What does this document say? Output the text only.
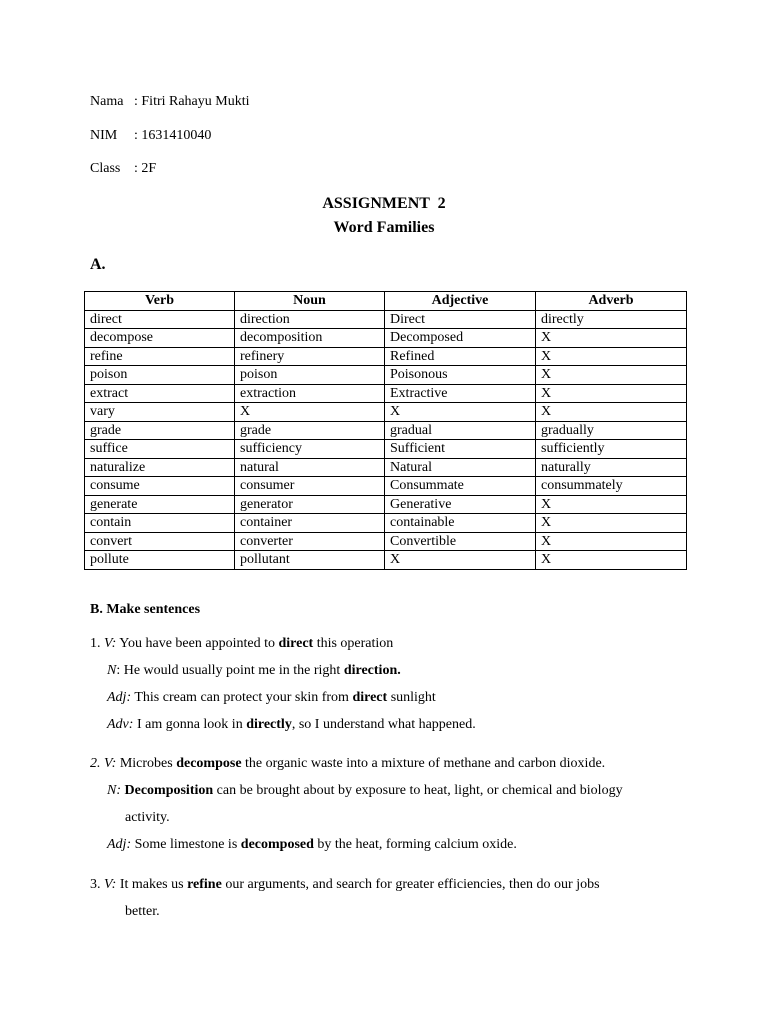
Nama : Fitri Rahayu Mukti
NIM : 1631410040
Class : 2F
ASSIGNMENT  2
Word Families
A.
Verb	Noun	Adjective	Adverb
direct	direction	Direct	directly
decompose	decomposition	Decomposed	X
refine	refinery	Refined	X
poison	poison	Poisonous	X
extract	extraction	Extractive	X
vary	X	X	X
grade	grade	gradual	gradually
suffice	sufficiency	Sufficient	sufficiently
naturalize	natural	Natural	naturally
consume	consumer	Consummate	consummately
generate	generator	Generative	X
contain	container	containable	X
convert	converter	Convertible	X
pollute	pollutant	X	X
B. Make sentences
1. V: You have been appointed to direct this operation
N: He would usually point me in the right direction.
Adj: This cream can protect your skin from direct sunlight
Adv: I am gonna look in directly, so I understand what happened.
2. V: Microbes decompose the organic waste into a mixture of methane and carbon dioxide.
N: Decomposition can be brought about by exposure to heat, light, or chemical and biology
activity.
Adj: Some limestone is decomposed by the heat, forming calcium oxide.
3. V: It makes us refine our arguments, and search for greater efficiencies, then do our jobs
better.
